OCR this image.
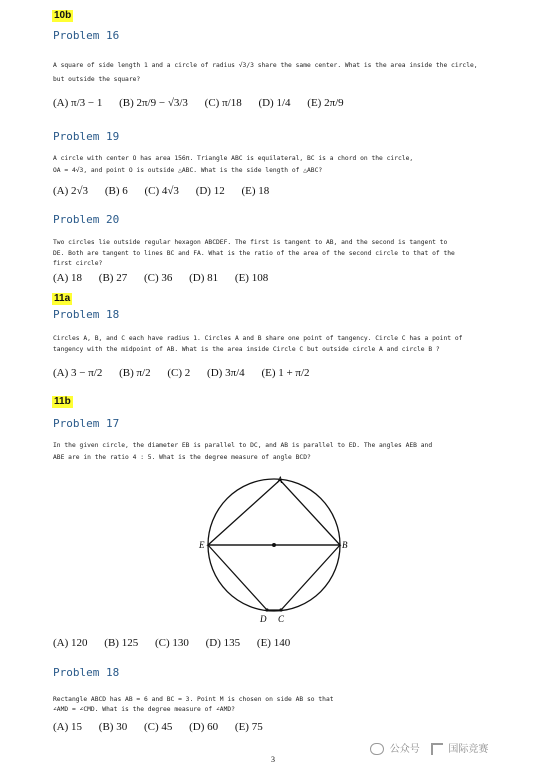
10b
Problem 16
A square of side length 1 and a circle of radius √3/3 share the same center. What is the area inside the circle,
but outside the square?
(A) π/3 − 1 (B) 2π/9 − √3/3 (C) π/18 (D) 1/4 (E) 2π/9
Problem 19
A circle with center O has area 156π. Triangle ABC is equilateral, BC is a chord on the circle,
OA = 4√3, and point O is outside △ABC. What is the side length of △ABC?
(A) 2√3 (B) 6 (C) 4√3 (D) 12 (E) 18
Problem 20
Two circles lie outside regular hexagon ABCDEF. The first is tangent to AB, and the second is tangent to
DE. Both are tangent to lines BC and FA. What is the ratio of the area of the second circle to that of the
first circle?
(A) 18 (B) 27 (C) 36 (D) 81 (E) 108
11a
Problem 18
Circles A, B, and C each have radius 1. Circles A and B share one point of tangency. Circle C has a point of
tangency with the midpoint of AB. What is the area inside Circle C but outside circle A and circle B ?
(A) 3 − π/2 (B) π/2 (C) 2 (D) 3π/4 (E) 1 + π/2
11b
Problem 17
In the given circle, the diameter EB is parallel to DC, and AB is parallel to ED. The angles AEB and
ABE are in the ratio 4 : 5. What is the degree measure of angle BCD?
A
B
E
D C
(A) 120 (B) 125 (C) 130 (D) 135 (E) 140
Problem 18
Rectangle ABCD has AB = 6 and BC = 3. Point M is chosen on side AB so that
∠AMD = ∠CMD. What is the degree measure of ∠AMD?
(A) 15 (B) 30 (C) 45 (D) 60 (E) 75
公众号	国际竞赛
3
